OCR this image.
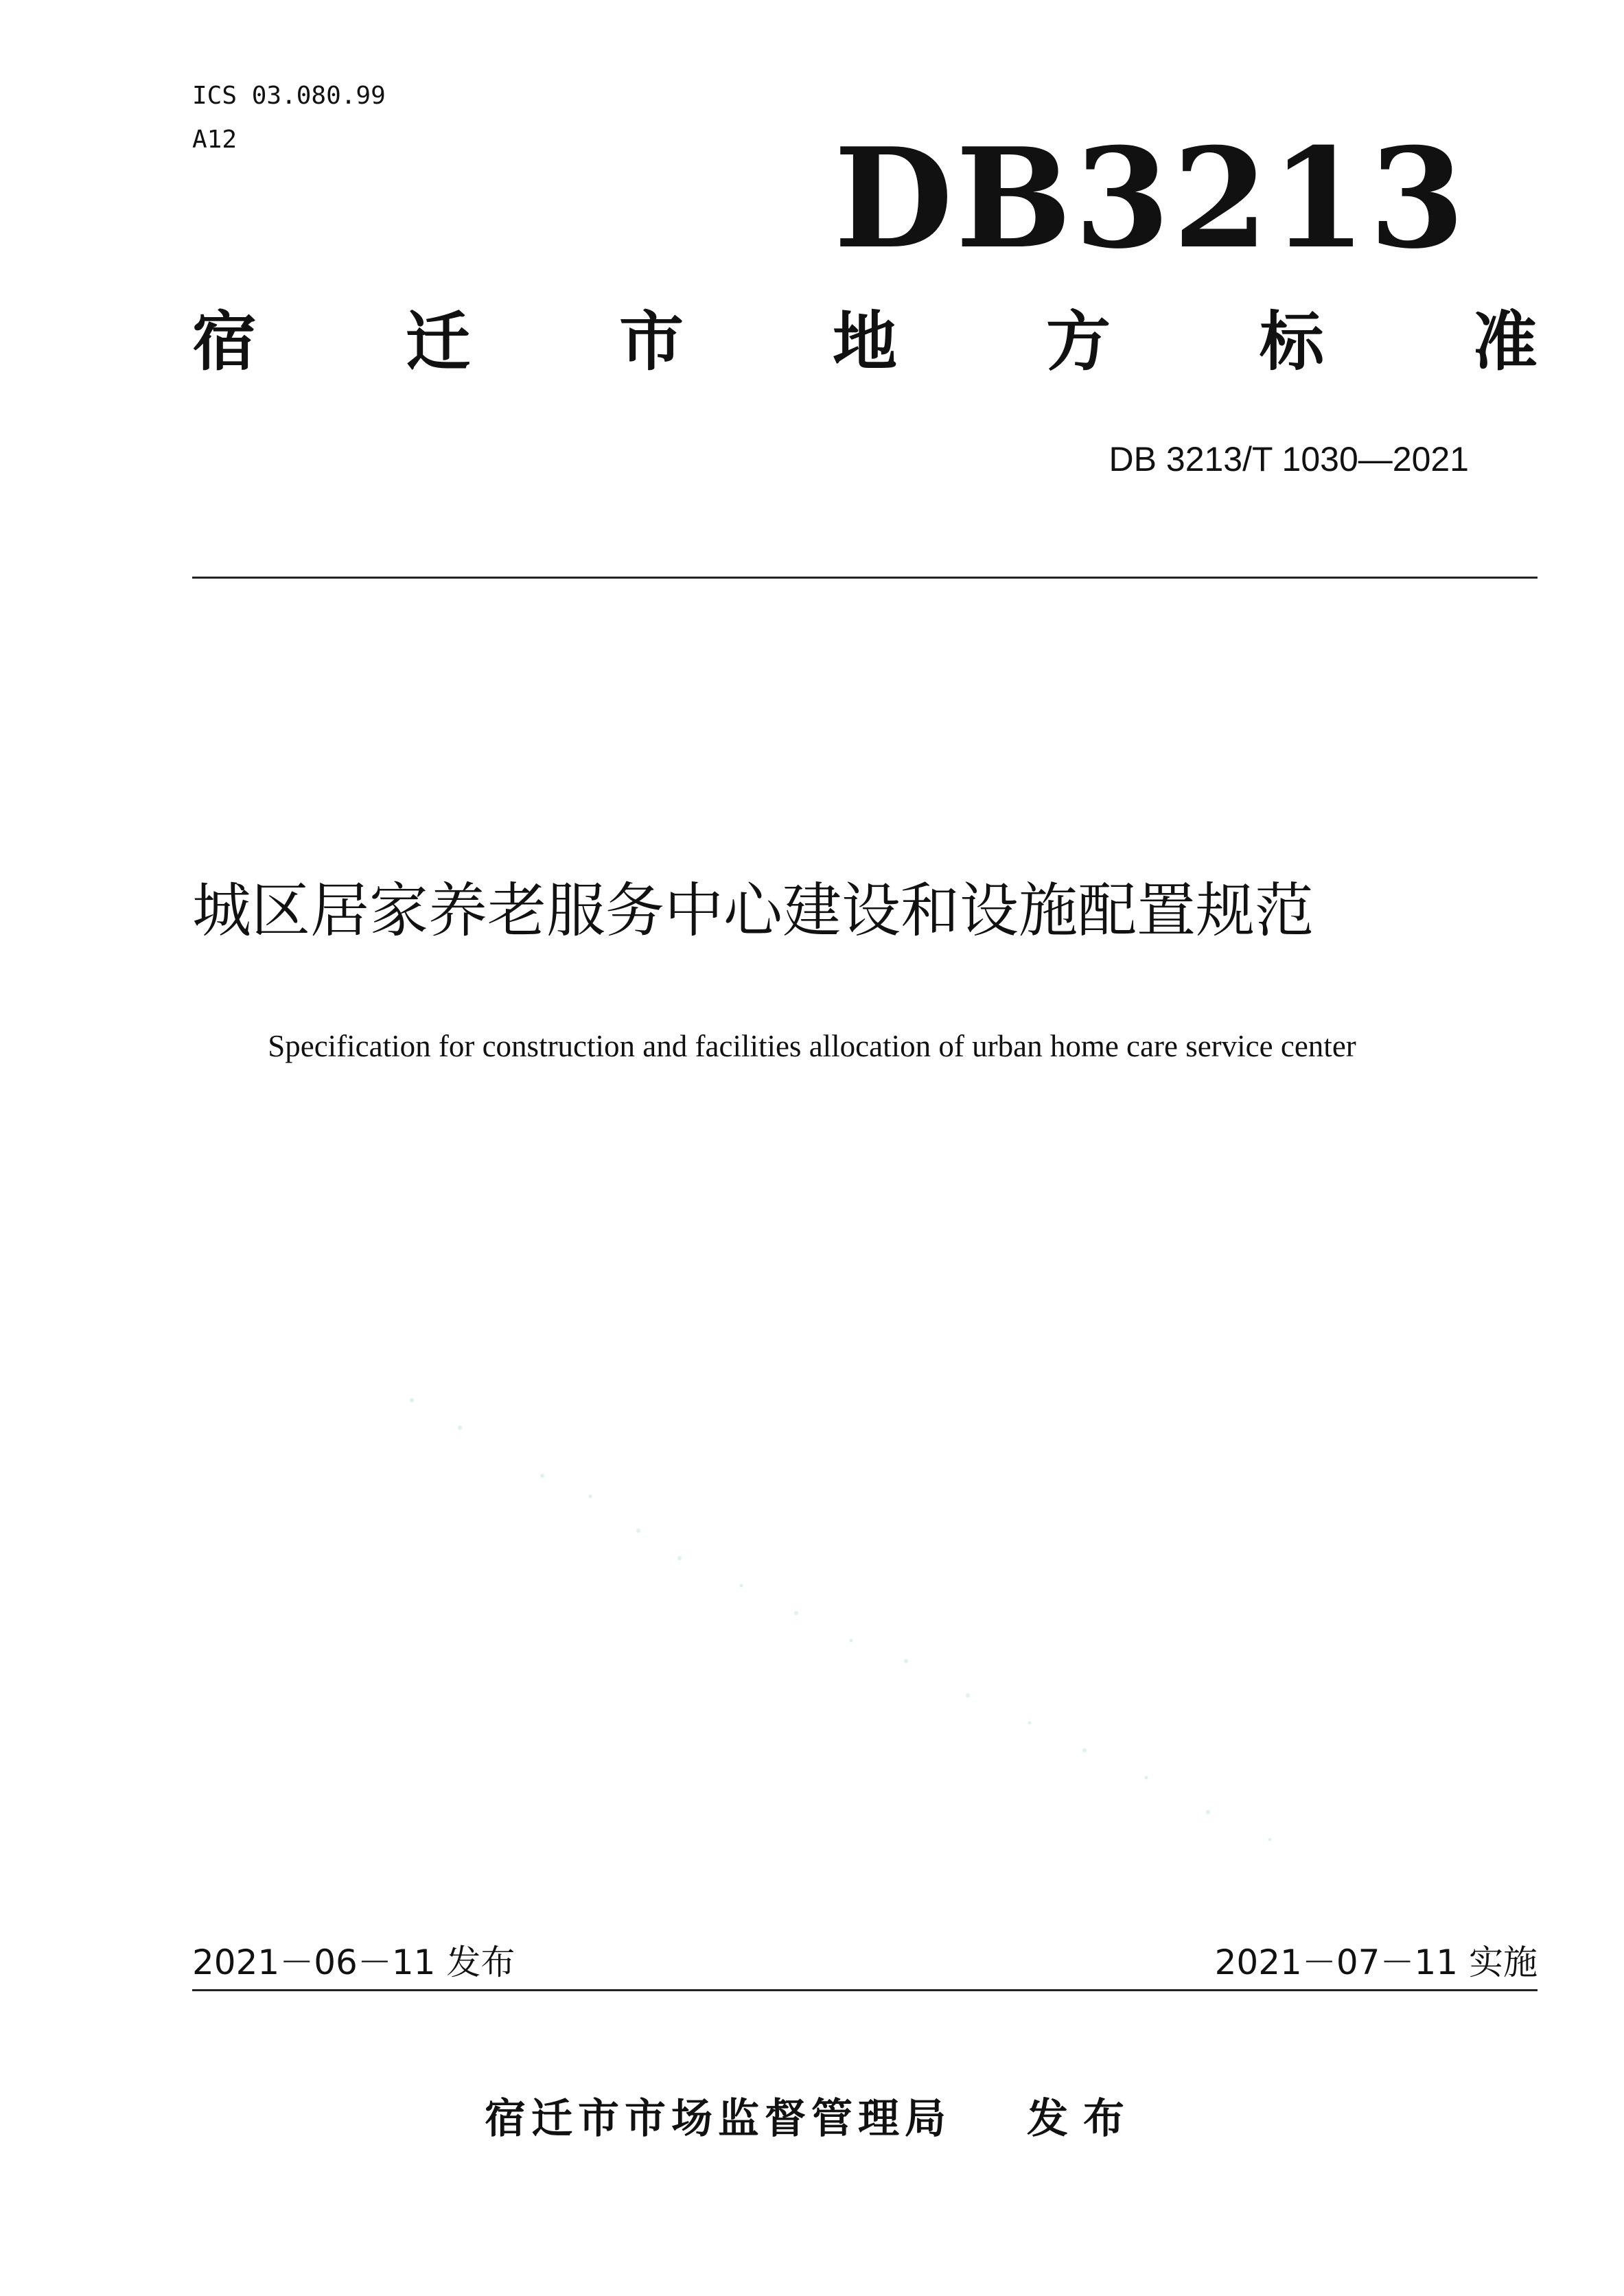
ICS 03.080.99
A12	DB3213
宿 迁 市 地 方 标 准
DB 3213/T 1030—2021
城区居家养老服务中心建设和设施配置规范
Specification for construction and facilities allocation of urban home care service center
2021－06－11 发布	2021－07－11 实施
宿迁市市场监督管理局 发布
